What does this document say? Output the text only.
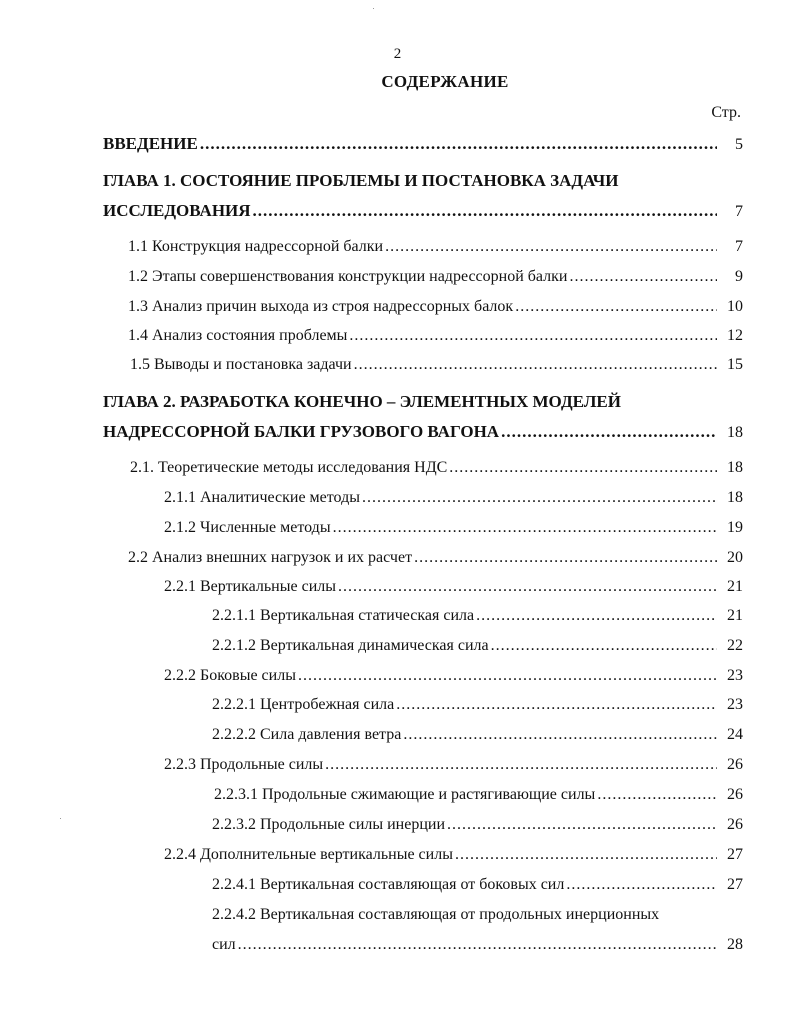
2
СОДЕРЖАНИЕ
Стр.
ВВЕДЕНИЕ .....	5
ГЛАВА 1. СОСТОЯНИЕ ПРОБЛЕМЫ И ПОСТАНОВКА ЗАДАЧИ
ИССЛЕДОВАНИЯ .....	7
1.1 Конструкция надрессорной балки .....	7
1.2 Этапы совершенствования конструкции надрессорной балки .....	9
1.3 Анализ причин выхода из строя надрессорных балок .....	10
1.4 Анализ состояния проблемы .....	12
1.5 Выводы и постановка задачи .....	15
ГЛАВА 2. РАЗРАБОТКА КОНЕЧНО – ЭЛЕМЕНТНЫХ МОДЕЛЕЙ
НАДРЕССОРНОЙ БАЛКИ ГРУЗОВОГО ВАГОНА .....	18
2.1. Теоретические методы исследования НДС .....	18
2.1.1 Аналитические методы .....	18
2.1.2 Численные методы .....	19
2.2 Анализ внешних нагрузок и их расчет .....	20
2.2.1 Вертикальные силы .....	21
2.2.1.1 Вертикальная статическая сила .....	21
2.2.1.2 Вертикальная динамическая сила .....	22
2.2.2 Боковые силы .....	23
2.2.2.1 Центробежная сила .....	23
2.2.2.2 Сила давления ветра .....	24
2.2.3 Продольные силы .....	26
2.2.3.1 Продольные сжимающие и растягивающие силы .....	26
2.2.3.2 Продольные силы инерции .....	26
2.2.4 Дополнительные вертикальные силы .....	27
2.2.4.1 Вертикальная составляющая от боковых сил .....	27
2.2.4.2 Вертикальная составляющая от продольных инерционных
сил .....	28
